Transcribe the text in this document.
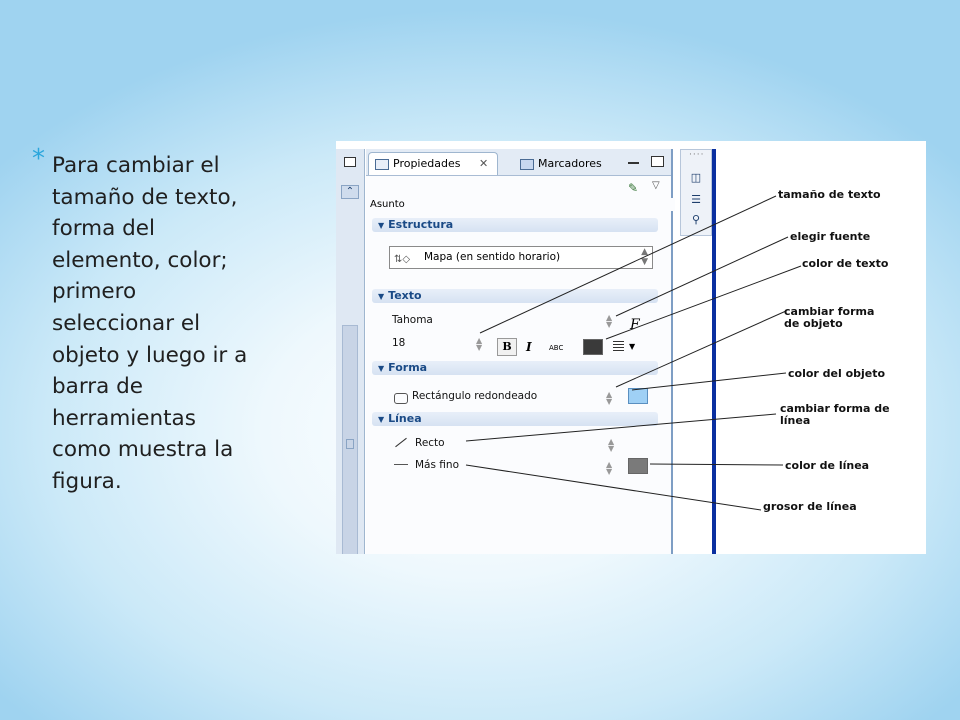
* Para cambiar el
tamaño de texto,
forma del
elemento, color;
primero
seleccionar el
objeto y luego ir a
barra de
herramientas
como muestra la
figura.
⌃
Propiedades ✕	Marcadores
✎	▽
Asunto
▼ Estructura
⇅◇	Mapa (en sentido horario)	▲
▼
▼ Texto
Tahoma	▲
▼ F
18	▲
▼	B	I ABC	▼
▼ Forma
Rectángulo redondeado	▲
▼
▼ Línea
Recto	▲
▼
Más fino	▲
▼
····
◫
☰
⚲
tamaño de texto
elegir fuente
color de texto
cambiar forma
de objeto
color del objeto
cambiar forma de
línea
color de línea
grosor de línea
